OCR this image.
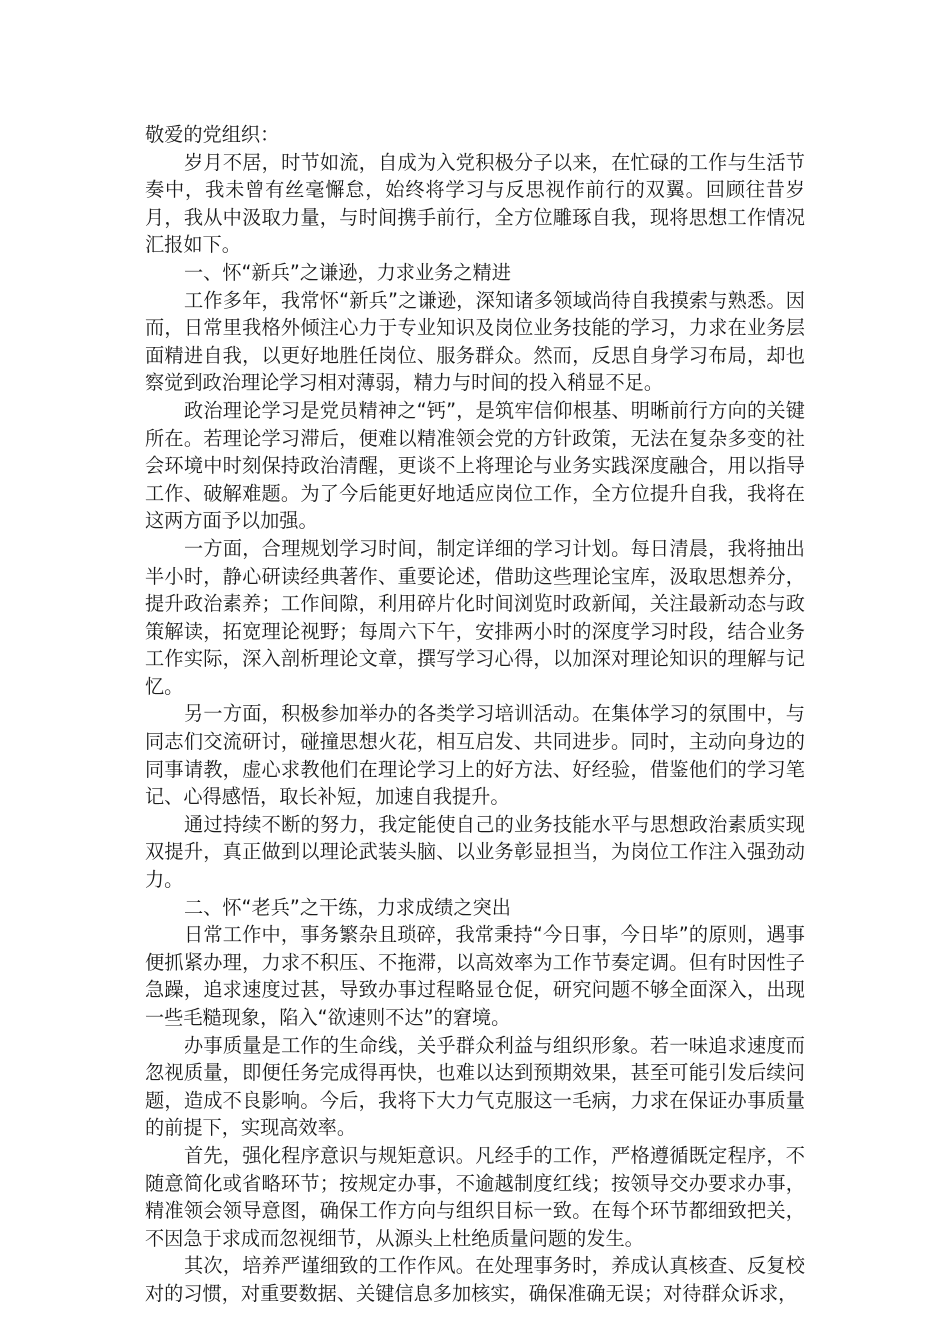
敬爱的党组织：

岁月不居，时节如流，自成为入党积极分子以来，在忙碌的工作与生活节奏中，我未曾有丝毫懈怠，始终将学习与反思视作前行的双翼。回顾往昔岁月，我从中汲取力量，与时间携手前行，全方位雕琢自我，现将思想工作情况汇报如下。

一、怀“新兵”之谦逊，力求业务之精进

工作多年，我常怀“新兵”之谦逊，深知诸多领域尚待自我摸索与熟悉。因而，日常里我格外倾注心力于专业知识及岗位业务技能的学习，力求在业务层面精进自我，以更好地胜任岗位、服务群众。然而，反思自身学习布局，却也察觉到政治理论学习相对薄弱，精力与时间的投入稍显不足。

政治理论学习是党员精神之“钙”，是筑牢信仰根基、明晰前行方向的关键所在。若理论学习滞后，便难以精准领会党的方针政策，无法在复杂多变的社会环境中时刻保持政治清醒，更谈不上将理论与业务实践深度融合，用以指导工作、破解难题。为了今后能更好地适应岗位工作，全方位提升自我，我将在这两方面予以加强。

一方面，合理规划学习时间，制定详细的学习计划。每日清晨，我将抽出半小时，静心研读经典著作、重要论述，借助这些理论宝库，汲取思想养分，提升政治素养；工作间隙，利用碎片化时间浏览时政新闻，关注最新动态与政策解读，拓宽理论视野；每周六下午，安排两小时的深度学习时段，结合业务工作实际，深入剖析理论文章，撰写学习心得，以加深对理论知识的理解与记忆。

另一方面，积极参加举办的各类学习培训活动。在集体学习的氛围中，与同志们交流研讨，碰撞思想火花，相互启发、共同进步。同时，主动向身边的同事请教，虚心求教他们在理论学习上的好方法、好经验，借鉴他们的学习笔记、心得感悟，取长补短，加速自我提升。

通过持续不断的努力，我定能使自己的业务技能水平与思想政治素质实现双提升，真正做到以理论武装头脑、以业务彰显担当，为岗位工作注入强劲动力。

二、怀“老兵”之干练，力求成绩之突出

日常工作中，事务繁杂且琐碎，我常秉持“今日事，今日毕”的原则，遇事便抓紧办理，力求不积压、不拖滞，以高效率为工作节奏定调。但有时因性子急躁，追求速度过甚，导致办事过程略显仓促，研究问题不够全面深入，出现一些毛糙现象，陷入“欲速则不达”的窘境。

办事质量是工作的生命线，关乎群众利益与组织形象。若一味追求速度而忽视质量，即便任务完成得再快，也难以达到预期效果，甚至可能引发后续问题，造成不良影响。今后，我将下大力气克服这一毛病，力求在保证办事质量的前提下，实现高效率。

首先，强化程序意识与规矩意识。凡经手的工作，严格遵循既定程序，不随意简化或省略环节；按规定办事，不逾越制度红线；按领导交办要求办事，精准领会领导意图，确保工作方向与组织目标一致。在每个环节都细致把关，不因急于求成而忽视细节，从源头上杜绝质量问题的发生。

其次，培养严谨细致的工作作风。在处理事务时，养成认真核查、反复校对的习惯，对重要数据、关键信息多加核实，确保准确无误；对待群众诉求，
